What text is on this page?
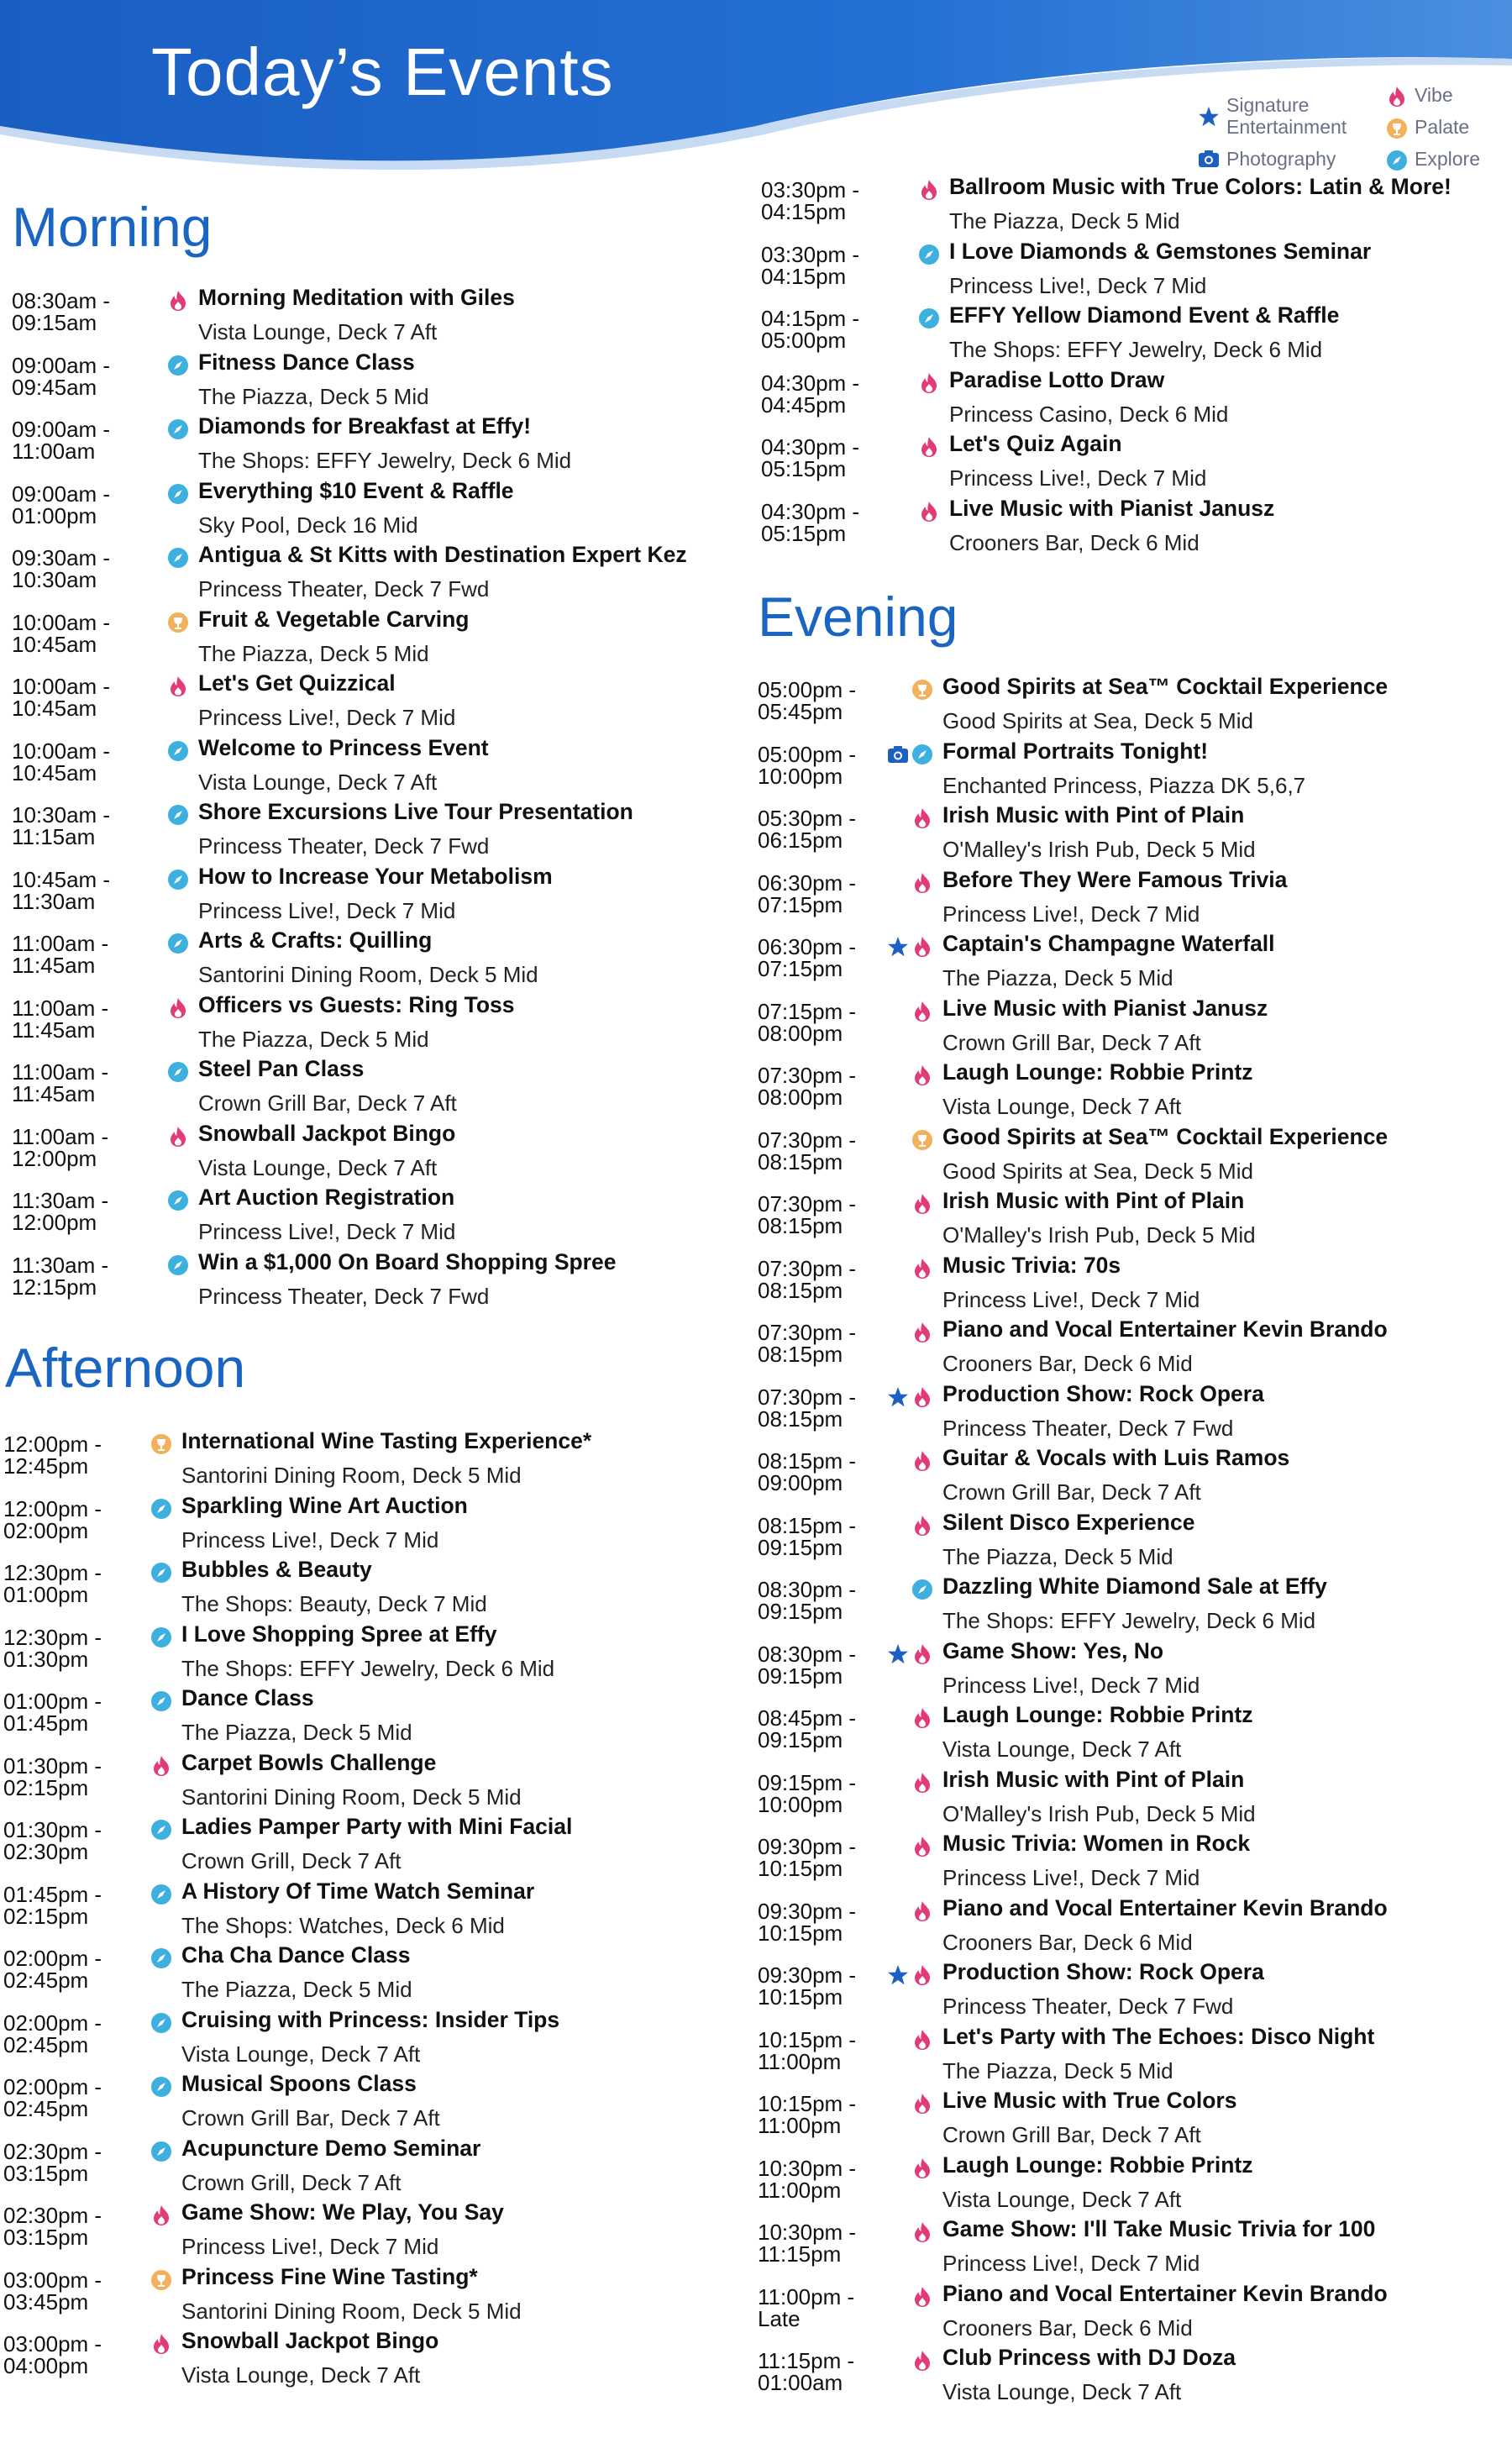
Today’s Events	Signature Entertainment
Photography
Vibe
Palate
Explore
Morning
08:30am -
09:15am
Morning Meditation with Giles
Vista Lounge, Deck 7 Aft
09:00am -
09:45am
Fitness Dance Class
The Piazza, Deck 5 Mid
09:00am -
11:00am
Diamonds for Breakfast at Effy!
The Shops: EFFY Jewelry, Deck 6 Mid
09:00am -
01:00pm
Everything $10 Event & Raffle
Sky Pool, Deck 16 Mid
09:30am -
10:30am
Antigua & St Kitts with Destination Expert Kez
Princess Theater, Deck 7 Fwd
10:00am -
10:45am
Fruit & Vegetable Carving
The Piazza, Deck 5 Mid
10:00am -
10:45am
Let's Get Quizzical
Princess Live!, Deck 7 Mid
10:00am -
10:45am
Welcome to Princess Event
Vista Lounge, Deck 7 Aft
10:30am -
11:15am
Shore Excursions Live Tour Presentation
Princess Theater, Deck 7 Fwd
10:45am -
11:30am
How to Increase Your Metabolism
Princess Live!, Deck 7 Mid
11:00am -
11:45am
Arts & Crafts: Quilling
Santorini Dining Room, Deck 5 Mid
11:00am -
11:45am
Officers vs Guests: Ring Toss
The Piazza, Deck 5 Mid
11:00am -
11:45am
Steel Pan Class
Crown Grill Bar, Deck 7 Aft
11:00am -
12:00pm
Snowball Jackpot Bingo
Vista Lounge, Deck 7 Aft
11:30am -
12:00pm
Art Auction Registration
Princess Live!, Deck 7 Mid
11:30am -
12:15pm
Win a $1,000 On Board Shopping Spree
Princess Theater, Deck 7 Fwd
Afternoon
12:00pm -
12:45pm
International Wine Tasting Experience*
Santorini Dining Room, Deck 5 Mid
12:00pm -
02:00pm
Sparkling Wine Art Auction
Princess Live!, Deck 7 Mid
12:30pm -
01:00pm
Bubbles & Beauty
The Shops: Beauty, Deck 7 Mid
12:30pm -
01:30pm
I Love Shopping Spree at Effy
The Shops: EFFY Jewelry, Deck 6 Mid
01:00pm -
01:45pm
Dance Class
The Piazza, Deck 5 Mid
01:30pm -
02:15pm
Carpet Bowls Challenge
Santorini Dining Room, Deck 5 Mid
01:30pm -
02:30pm
Ladies Pamper Party with Mini Facial
Crown Grill, Deck 7 Aft
01:45pm -
02:15pm
A History Of Time Watch Seminar
The Shops: Watches, Deck 6 Mid
02:00pm -
02:45pm
Cha Cha Dance Class
The Piazza, Deck 5 Mid
02:00pm -
02:45pm
Cruising with Princess: Insider Tips
Vista Lounge, Deck 7 Aft
02:00pm -
02:45pm
Musical Spoons Class
Crown Grill Bar, Deck 7 Aft
02:30pm -
03:15pm
Acupuncture Demo Seminar
Crown Grill, Deck 7 Aft
02:30pm -
03:15pm
Game Show: We Play, You Say
Princess Live!, Deck 7 Mid
03:00pm -
03:45pm
Princess Fine Wine Tasting*
Santorini Dining Room, Deck 5 Mid
03:00pm -
04:00pm
Snowball Jackpot Bingo
Vista Lounge, Deck 7 Aft
03:30pm -
04:15pm
Ballroom Music with True Colors: Latin & More!
The Piazza, Deck 5 Mid
03:30pm -
04:15pm
I Love Diamonds & Gemstones Seminar
Princess Live!, Deck 7 Mid
04:15pm -
05:00pm
EFFY Yellow Diamond Event & Raffle
The Shops: EFFY Jewelry, Deck 6 Mid
04:30pm -
04:45pm
Paradise Lotto Draw
Princess Casino, Deck 6 Mid
04:30pm -
05:15pm
Let's Quiz Again
Princess Live!, Deck 7 Mid
04:30pm -
05:15pm
Live Music with Pianist Janusz
Crooners Bar, Deck 6 Mid
Evening
05:00pm -
05:45pm
Good Spirits at Sea™ Cocktail Experience
Good Spirits at Sea, Deck 5 Mid
05:00pm -
10:00pm
Formal Portraits Tonight!
Enchanted Princess, Piazza DK 5,6,7
05:30pm -
06:15pm
Irish Music with Pint of Plain
O'Malley's Irish Pub, Deck 5 Mid
06:30pm -
07:15pm
Before They Were Famous Trivia
Princess Live!, Deck 7 Mid
06:30pm -
07:15pm
Captain's Champagne Waterfall
The Piazza, Deck 5 Mid
07:15pm -
08:00pm
Live Music with Pianist Janusz
Crown Grill Bar, Deck 7 Aft
07:30pm -
08:00pm
Laugh Lounge: Robbie Printz
Vista Lounge, Deck 7 Aft
07:30pm -
08:15pm
Good Spirits at Sea™ Cocktail Experience
Good Spirits at Sea, Deck 5 Mid
07:30pm -
08:15pm
Irish Music with Pint of Plain
O'Malley's Irish Pub, Deck 5 Mid
07:30pm -
08:15pm
Music Trivia: 70s
Princess Live!, Deck 7 Mid
07:30pm -
08:15pm
Piano and Vocal Entertainer Kevin Brando
Crooners Bar, Deck 6 Mid
07:30pm -
08:15pm
Production Show: Rock Opera
Princess Theater, Deck 7 Fwd
08:15pm -
09:00pm
Guitar & Vocals with Luis Ramos
Crown Grill Bar, Deck 7 Aft
08:15pm -
09:15pm
Silent Disco Experience
The Piazza, Deck 5 Mid
08:30pm -
09:15pm
Dazzling White Diamond Sale at Effy
The Shops: EFFY Jewelry, Deck 6 Mid
08:30pm -
09:15pm
Game Show: Yes, No
Princess Live!, Deck 7 Mid
08:45pm -
09:15pm
Laugh Lounge: Robbie Printz
Vista Lounge, Deck 7 Aft
09:15pm -
10:00pm
Irish Music with Pint of Plain
O'Malley's Irish Pub, Deck 5 Mid
09:30pm -
10:15pm
Music Trivia: Women in Rock
Princess Live!, Deck 7 Mid
09:30pm -
10:15pm
Piano and Vocal Entertainer Kevin Brando
Crooners Bar, Deck 6 Mid
09:30pm -
10:15pm
Production Show: Rock Opera
Princess Theater, Deck 7 Fwd
10:15pm -
11:00pm
Let's Party with The Echoes: Disco Night
The Piazza, Deck 5 Mid
10:15pm -
11:00pm
Live Music with True Colors
Crown Grill Bar, Deck 7 Aft
10:30pm -
11:00pm
Laugh Lounge: Robbie Printz
Vista Lounge, Deck 7 Aft
10:30pm -
11:15pm
Game Show: I'll Take Music Trivia for 100
Princess Live!, Deck 7 Mid
11:00pm -
Late
Piano and Vocal Entertainer Kevin Brando
Crooners Bar, Deck 6 Mid
11:15pm -
01:00am
Club Princess with DJ Doza
Vista Lounge, Deck 7 Aft
